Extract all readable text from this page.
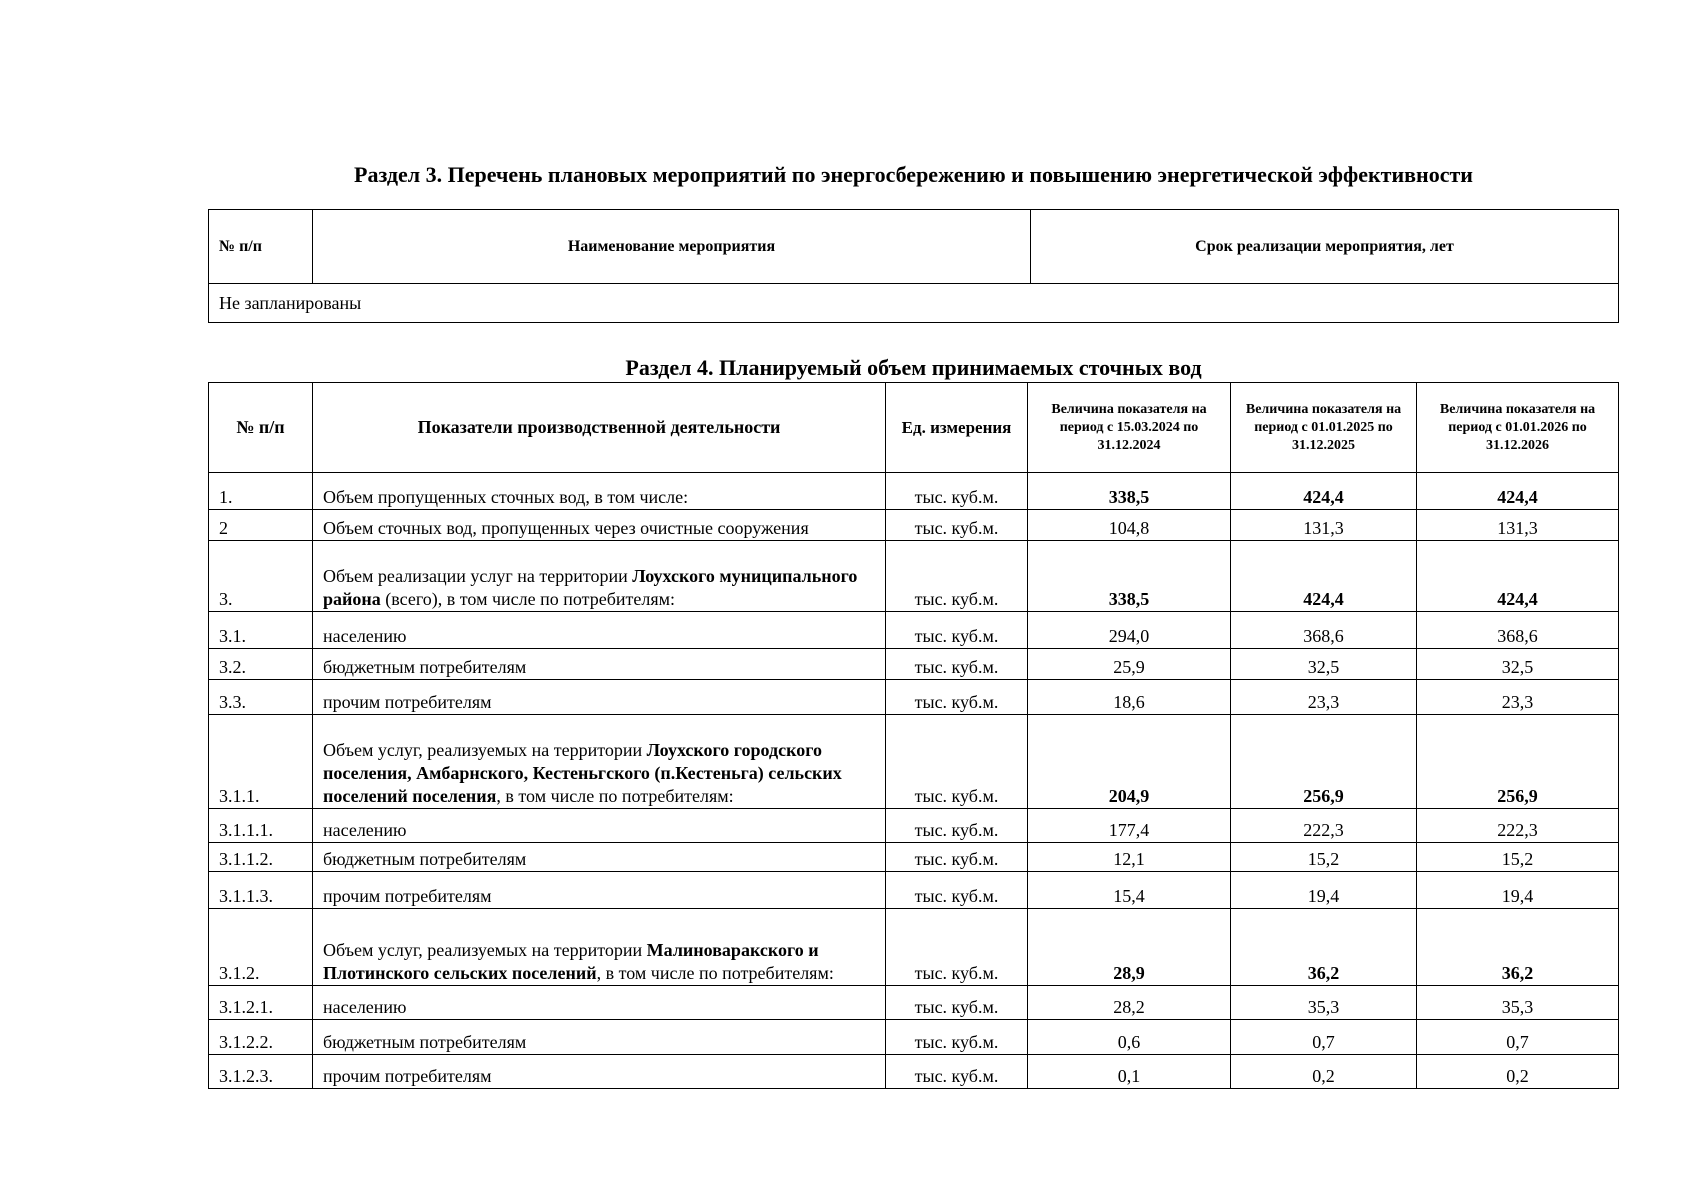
Раздел 3. Перечень плановых мероприятий по энергосбережению и повышению энергетической эффективности
№ п/п	Наименование мероприятия	Срок реализации мероприятия, лет
Не запланированы
Раздел 4. Планируемый объем принимаемых сточных вод
№ п/п	Показатели производственной деятельности	Ед. измерения	Величина показателя на период с 15.03.2024 по 31.12.2024	Величина показателя на период с 01.01.2025 по 31.12.2025	Величина показателя на период с 01.01.2026 по 31.12.2026
1.	Объем пропущенных сточных вод, в том числе:	тыс. куб.м.	338,5	424,4	424,4
2	Объем сточных вод, пропущенных через очистные сооружения	тыс. куб.м.	104,8	131,3	131,3
3.	Объем реализации услуг на территории Лоухского муниципального района (всего), в том числе по потребителям:	тыс. куб.м.	338,5	424,4	424,4
3.1.	населению	тыс. куб.м.	294,0	368,6	368,6
3.2.	бюджетным потребителям	тыс. куб.м.	25,9	32,5	32,5
3.3.	прочим потребителям	тыс. куб.м.	18,6	23,3	23,3
3.1.1.	Объем услуг, реализуемых на территории Лоухского городского поселения, Амбарнского, Кестеньгского (п.Кестеньга) сельских поселений поселения, в том числе по потребителям:	тыс. куб.м.	204,9	256,9	256,9
3.1.1.1.	населению	тыс. куб.м.	177,4	222,3	222,3
3.1.1.2.	бюджетным потребителям	тыс. куб.м.	12,1	15,2	15,2
3.1.1.3.	прочим потребителям	тыс. куб.м.	15,4	19,4	19,4
3.1.2.	Объем услуг, реализуемых на территории Малиноваракского и Плотинского сельских поселений, в том числе по потребителям:	тыс. куб.м.	28,9	36,2	36,2
3.1.2.1.	населению	тыс. куб.м.	28,2	35,3	35,3
3.1.2.2.	бюджетным потребителям	тыс. куб.м.	0,6	0,7	0,7
3.1.2.3.	прочим потребителям	тыс. куб.м.	0,1	0,2	0,2
